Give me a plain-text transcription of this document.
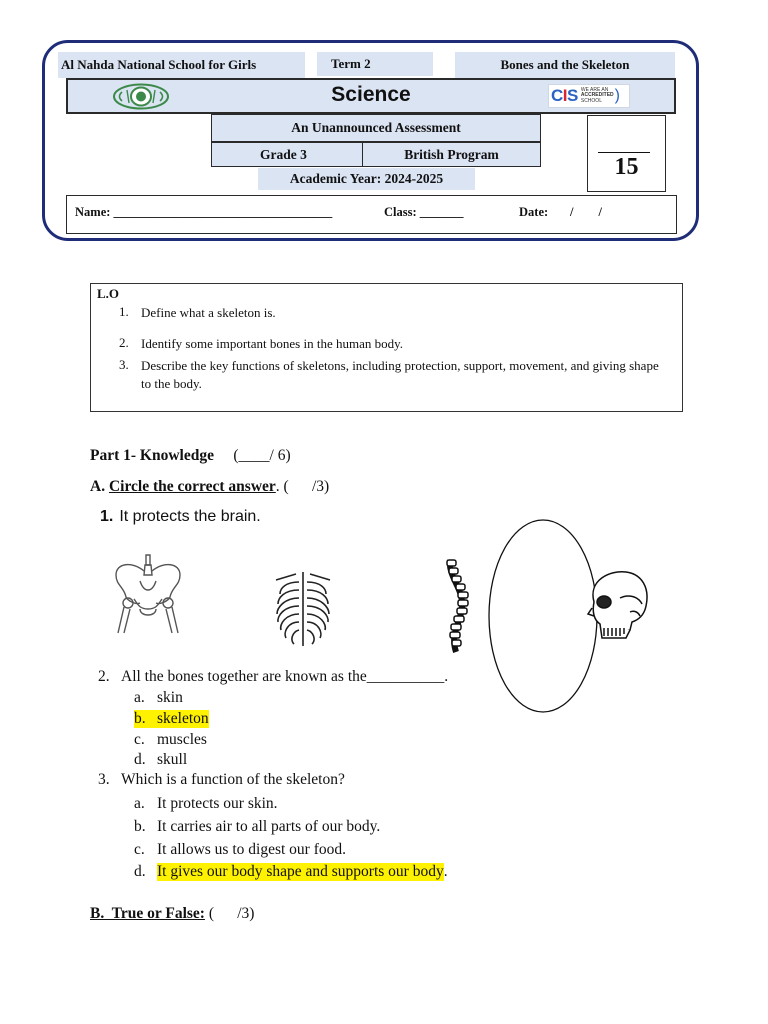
Al Nahda National School for Girls	Term 2	Bones and the Skeleton
Science	CIS WE ARE AN
ACCREDITED
SCHOOL )
An Unannounced Assessment
Grade 3	British Program
Academic Year: 2024-2025	15
Name: ___________________________________	Class: _______	Date:       /        /
L.O
1. Define what a skeleton is.
2. Identify some important bones in the human body.
3. Describe the key functions of skeletons, including protection, support, movement, and giving shape to the body.
Part 1- Knowledge (____/ 6)
A. Circle the correct answer. (      /3)
1. It protects the brain.
2. All the bones together are known as the__________.
a. skin
b. skeleton
c. muscles
d. skull
3. Which is a function of the skeleton?
a. It protects our skin.
b. It carries air to all parts of our body.
c. It allows us to digest our food.
d. It gives our body shape and supports our body .
B.  True or False: (      /3)
